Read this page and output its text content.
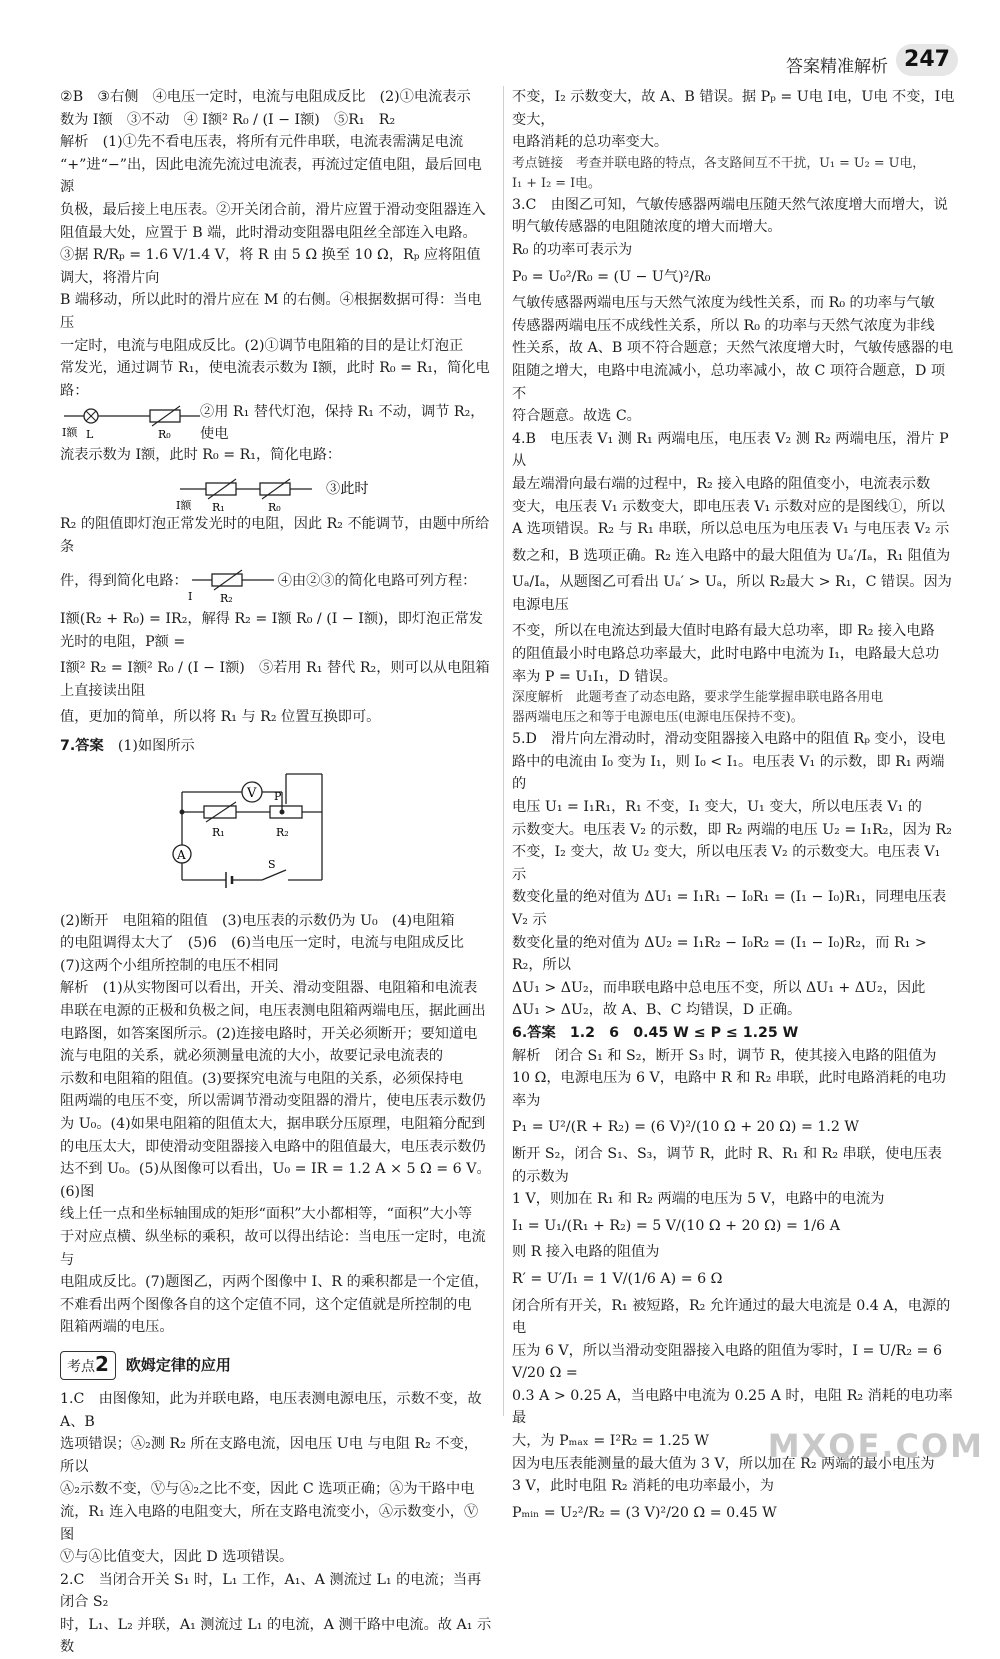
答案精准解析 247

②B　③右侧　④电压一定时，电流与电阻成反比　(2)①电流表示

数为 I额　③不动　④ I额² R₀ / (I − I额)　⑤R₁　R₂

解析　(1)①先不看电压表，将所有元件串联，电流表需满足电流

“+”进“−”出，因此电流先流过电流表，再流过定值电阻，最后回电源

负极，最后接上电压表。②开关闭合前，滑片应置于滑动变阻器连入

阻值最大处，应置于 B 端，此时滑动变阻器电阻丝全部连入电路。

③据 R/Rₚ = 1.6 V/1.4 V，将 R 由 5 Ω 换至 10 Ω，Rₚ 应将阻值调大，将滑片向

B 端移动，所以此时的滑片应在 M 的右侧。④根据数据可得：当电压

一定时，电流与电阻成反比。(2)①调节电阻箱的目的是让灯泡正

常发光，通过调节 R₁，使电流表示数为 I额，此时 R₀ = R₁，简化电路：

I额 L	R₀

②用 R₁ 替代灯泡，保持 R₁ 不动，调节 R₂，使电

流表示数为 I额，此时 R₀ = R₁，简化电路：

I额 R₁	R₀
③此时

R₂ 的阻值即灯泡正常发光时的电阻，因此 R₂ 不能调节，由题中所给条

件，得到简化电路：

I	R₂

④由②③的简化电路可列方程：

I额(R₂ + R₀) = IR₂，解得 R₂ = I额 R₀ / (I − I额)，即灯泡正常发光时的电阻，P额 =

I额² R₂ = I额² R₀ / (I − I额)　⑤若用 R₁ 替代 R₂，则可以从电阻箱上直接读出阻

值，更加的简单，所以将 R₁ 与 R₂ 位置互换即可。

7.答案　 (1)如图所示

V
R₁
P
R₂
A
S

(2)断开　电阻箱的阻值　(3)电压表的示数仍为 U₀　(4)电阻箱

的电阻调得太大了　(5)6　(6)当电压一定时，电流与电阻成反比

(7)这两个小组所控制的电压不相同

解析　(1)从实物图可以看出，开关、滑动变阻器、电阻箱和电流表

串联在电源的正极和负极之间，电压表测电阻箱两端电压，据此画出

电路图，如答案图所示。(2)连接电路时，开关必须断开；要知道电

流与电阻的关系，就必须测量电流的大小，故要记录电流表的

示数和电阻箱的阻值。(3)要探究电流与电阻的关系，必须保持电

阻两端的电压不变，所以需调节滑动变阻器的滑片，使电压表示数仍

为 U₀。(4)如果电阻箱的阻值太大，据串联分压原理，电阻箱分配到

的电压太大，即使滑动变阻器接入电路中的阻值最大，电压表示数仍

达不到 U₀。(5)从图像可以看出，U₀ = IR = 1.2 A × 5 Ω = 6 V。(6)图

线上任一点和坐标轴围成的矩形“面积”大小都相等，“面积”大小等

于对应点横、纵坐标的乘积，故可以得出结论：当电压一定时，电流与

电阻成反比。(7)题图乙，丙两个图像中 I、R 的乘积都是一个定值，

不难看出两个图像各自的这个定值不同，这个定值就是所控制的电

阻箱两端的电压。

考点2	欧姆定律的应用

1.C　由图像知，此为并联电路，电压表测电源电压，示数不变，故 A、B

选项错误；Ⓐ₂测 R₂ 所在支路电流，因电压 U电 与电阻 R₂ 不变，所以

Ⓐ₂示数不变，Ⓥ与Ⓐ₂之比不变，因此 C 选项正确；Ⓐ为干路中电

流，R₁ 连入电路的电阻变大，所在支路电流变小，Ⓐ示数变小，Ⓥ图

Ⓥ与Ⓐ比值变大，因此 D 选项错误。

2.C　当闭合开关 S₁ 时，L₁ 工作，A₁、A 测流过 L₁ 的电流；当再闭合 S₂

时，L₁、L₂ 并联，A₁ 测流过 L₁ 的电流，A 测干路中电流。故 A₁ 示数

不变，I₂ 示数变大，故 A、B 错误。据 Pₚ = U电 I电，U电 不变，I电 变大，

电路消耗的总功率变大。

考点链接　考查并联电路的特点，各支路间互不干扰，U₁ = U₂ = U电，

I₁ + I₂ = I电。

3.C　由图乙可知，气敏传感器两端电压随天然气浓度增大而增大，说

明气敏传感器的电阻随浓度的增大而增大。

R₀ 的功率可表示为

P₀ = U₀²/R₀ = (U − U气)²/R₀

气敏传感器两端电压与天然气浓度为线性关系，而 R₀ 的功率与气敏

传感器两端电压不成线性关系，所以 R₀ 的功率与天然气浓度为非线

性关系，故 A、B 项不符合题意；天然气浓度增大时，气敏传感器的电

阻随之增大，电路中电流减小，总功率减小，故 C 项符合题意，D 项不

符合题意。故选 C。

4.B　电压表 V₁ 测 R₁ 两端电压，电压表 V₂ 测 R₂ 两端电压，滑片 P 从

最左端滑向最右端的过程中，R₂ 接入电路的阻值变小，电流表示数

变大，电压表 V₁ 示数变大，即电压表 V₁ 示数对应的是图线①，所以

A 选项错误。R₂ 与 R₁ 串联，所以总电压为电压表 V₁ 与电压表 V₂ 示

数之和，B 选项正确。R₂ 连入电路中的最大阻值为 Uₐ′/Iₐ，R₁ 阻值为

Uₐ/Iₐ，从题图乙可看出 Uₐ′ > Uₐ，所以 R₂最大 > R₁，C 错误。因为电源电压

不变，所以在电流达到最大值时电路有最大总功率，即 R₂ 接入电路

的阻值最小时电路总功率最大，此时电路中电流为 I₁，电路最大总功

率为 P = U₁I₁，D 错误。

深度解析　此题考查了动态电路，要求学生能掌握串联电路各用电

器两端电压之和等于电源电压(电源电压保持不变)。

5.D　滑片向左滑动时，滑动变阻器接入电路中的阻值 Rₚ 变小，设电

路中的电流由 I₀ 变为 I₁，则 I₀ < I₁。电压表 V₁ 的示数，即 R₁ 两端的

电压 U₁ = I₁R₁，R₁ 不变，I₁ 变大，U₁ 变大，所以电压表 V₁ 的

示数变大。电压表 V₂ 的示数，即 R₂ 两端的电压 U₂ = I₁R₂，因为 R₂

不变，I₂ 变大，故 U₂ 变大，所以电压表 V₂ 的示数变大。电压表 V₁ 示

数变化量的绝对值为 ΔU₁ = I₁R₁ − I₀R₁ = (I₁ − I₀)R₁，同理电压表 V₂ 示

数变化量的绝对值为 ΔU₂ = I₁R₂ − I₀R₂ = (I₁ − I₀)R₂，而 R₁ > R₂，所以

ΔU₁ > ΔU₂，而串联电路中总电压不变，所以 ΔU₁ + ΔU₂，因此

ΔU₁ > ΔU₂，故 A、B、C 均错误，D 正确。

6.答案　1.2　6　0.45 W ≤ P ≤ 1.25 W

解析　闭合 S₁ 和 S₂，断开 S₃ 时，调节 R，使其接入电路的阻值为

10 Ω，电源电压为 6 V，电路中 R 和 R₂ 串联，此时电路消耗的电功

率为

P₁ = U²/(R + R₂) = (6 V)²/(10 Ω + 20 Ω) = 1.2 W

断开 S₂，闭合 S₁、S₃，调节 R，此时 R、R₁ 和 R₂ 串联，使电压表的示数为

1 V，则加在 R₁ 和 R₂ 两端的电压为 5 V，电路中的电流为

I₁ = U₁/(R₁ + R₂) = 5 V/(10 Ω + 20 Ω) = 1/6 A

则 R 接入电路的阻值为

R′ = U′/I₁ = 1 V/(1/6 A) = 6 Ω

闭合所有开关，R₁ 被短路，R₂ 允许通过的最大电流是 0.4 A，电源的电

压为 6 V，所以当滑动变阻器接入电路的阻值为零时，I = U/R₂ = 6 V/20 Ω =

0.3 A > 0.25 A，当电路中电流为 0.25 A 时，电阻 R₂ 消耗的电功率最

大，为 Pₘₐₓ = I²R₂ = 1.25 W

因为电压表能测量的最大值为 3 V，所以加在 R₂ 两端的最小电压为

3 V，此时电阻 R₂ 消耗的电功率最小，为

Pₘᵢₙ = U₂²/R₂ = (3 V)²/20 Ω = 0.45 W

MXQE.COM
